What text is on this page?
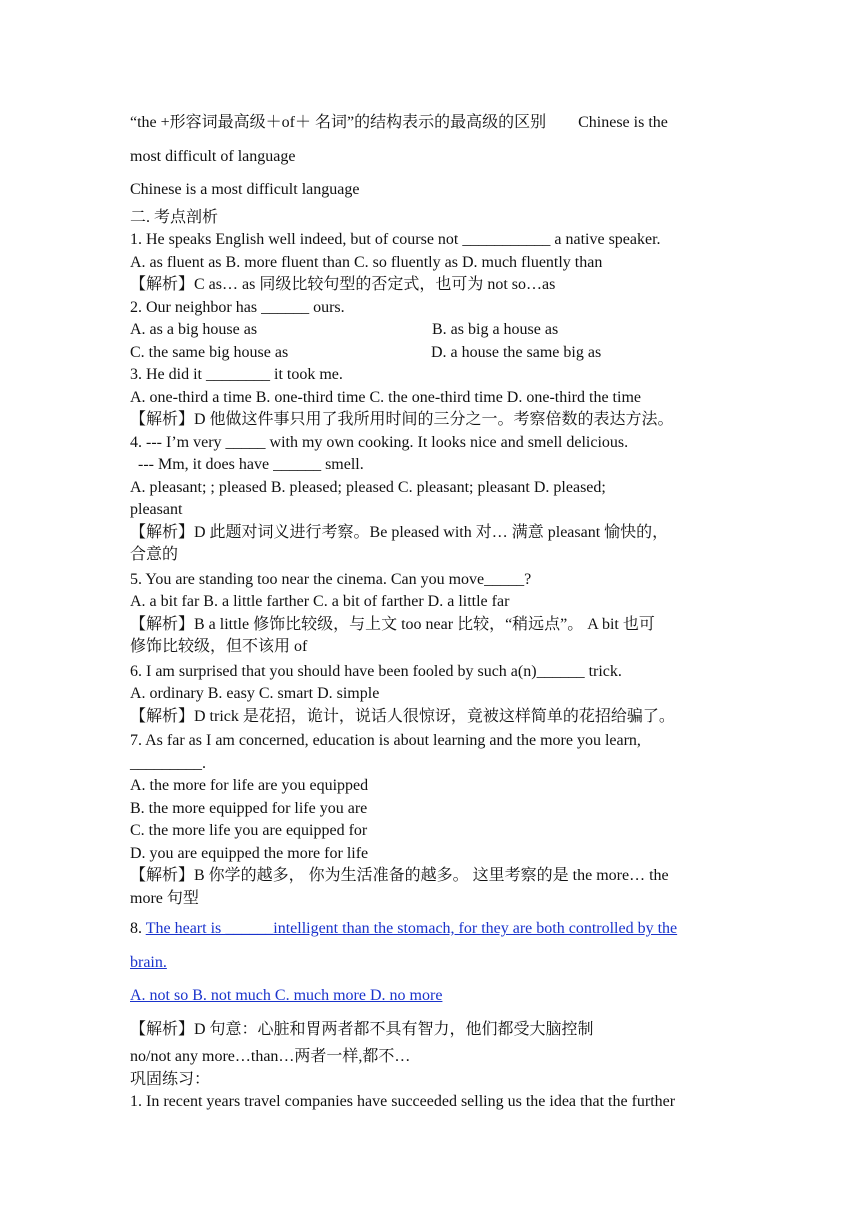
“the +形容词最高级＋of＋ 名词”的结构表示的最高级的区别　　Chinese is the
most difficult of language
Chinese is a most difficult language
二. 考点剖析
1. He speaks English well indeed, but of course not ___________ a native speaker.
A. as fluent as B. more fluent than C. so fluently as D. much fluently than
【解析】C as… as 同级比较句型的否定式，也可为 not so…as
2. Our neighbor has ______ ours.
A. as a big house as	B. as big a house as
C. the same big house as	D. a house the same big as
3. He did it ________ it took me.
A. one-third a time B. one-third time C. the one-third time D. one-third the time
【解析】D 他做这件事只用了我所用时间的三分之一。考察倍数的表达方法。
4. --- I’m very _____ with my own cooking. It looks nice and smell delicious.
--- Mm, it does have ______ smell.
A. pleasant; ; pleased B. pleased; pleased C. pleasant; pleasant D. pleased;
pleasant
【解析】D 此题对词义进行考察。Be pleased with 对… 满意 pleasant 愉快的，
合意的
5. You are standing too near the cinema. Can you move_____?
A. a bit far B. a little farther C. a bit of farther D. a little far
【解析】B a little 修饰比较级，与上文 too near 比较，“稍远点”。 A bit 也可
修饰比较级，但不该用 of
6. I am surprised that you should have been fooled by such a(n)______ trick.
A. ordinary B. easy C. smart D. simple
【解析】D trick 是花招，诡计，说话人很惊讶，竟被这样简单的花招给骗了。
7. As far as I am concerned, education is about learning and the more you learn,
_________.
A. the more for life are you equipped
B. the more equipped for life you are
C. the more life you are equipped for
D. you are equipped the more for life
【解析】B 你学的越多， 你为生活准备的越多。 这里考察的是 the more… the
more 句型
8. The heart is ______intelligent than the stomach, for they are both controlled by the
brain.
A. not so B. not much C. much more D. no more
【解析】D 句意：心脏和胃两者都不具有智力，他们都受大脑控制
no/not any more…than…两者一样,都不…
巩固练习：
1. In recent years travel companies have succeeded selling us the idea that the further
